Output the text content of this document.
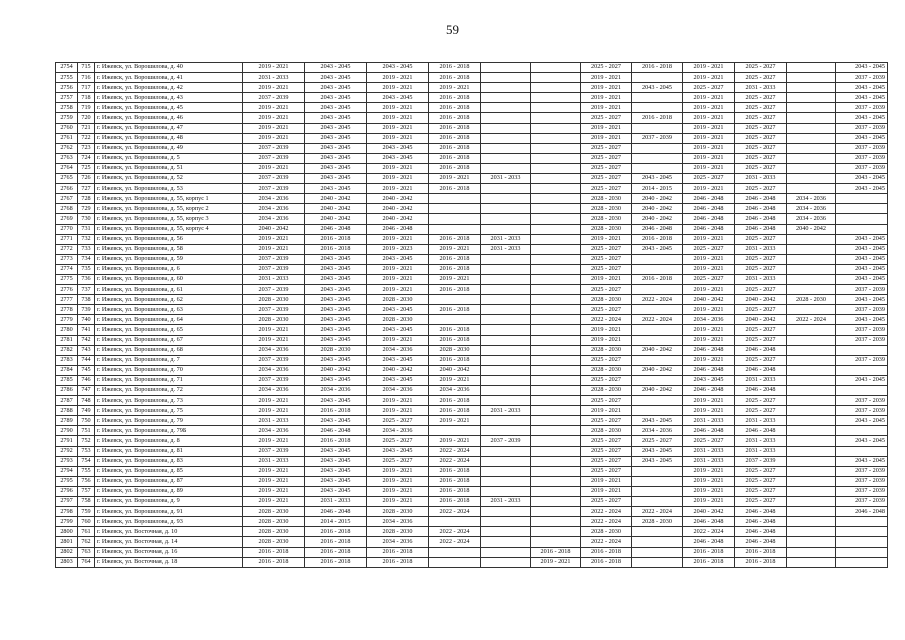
59
2754	715	г. Ижевск, ул. Ворошилова, д. 40	2019 - 2021	2043 - 2045	2043 - 2045	2016 - 2018			2025 - 2027	2016 - 2018	2019 - 2021	2025 - 2027		2043 - 2045
2755	716	г. Ижевск, ул. Ворошилова, д. 41	2031 - 2033	2043 - 2045	2019 - 2021	2016 - 2018			2019 - 2021		2019 - 2021	2025 - 2027		2037 - 2039
2756	717	г. Ижевск, ул. Ворошилова, д. 42	2019 - 2021	2043 - 2045	2019 - 2021	2019 - 2021			2019 - 2021	2043 - 2045	2025 - 2027	2031 - 2033		2043 - 2045
2757	718	г. Ижевск, ул. Ворошилова, д. 43	2037 - 2039	2043 - 2045	2043 - 2045	2016 - 2018			2019 - 2021		2019 - 2021	2025 - 2027		2043 - 2045
2758	719	г. Ижевск, ул. Ворошилова, д. 45	2019 - 2021	2043 - 2045	2019 - 2021	2016 - 2018			2019 - 2021		2019 - 2021	2025 - 2027		2037 - 2039
2759	720	г. Ижевск, ул. Ворошилова, д. 46	2019 - 2021	2043 - 2045	2019 - 2021	2016 - 2018			2025 - 2027	2016 - 2018	2019 - 2021	2025 - 2027		2043 - 2045
2760	721	г. Ижевск, ул. Ворошилова, д. 47	2019 - 2021	2043 - 2045	2019 - 2021	2016 - 2018			2019 - 2021		2019 - 2021	2025 - 2027		2037 - 2039
2761	722	г. Ижевск, ул. Ворошилова, д. 48	2019 - 2021	2043 - 2045	2019 - 2021	2016 - 2018			2019 - 2021	2037 - 2039	2019 - 2021	2025 - 2027		2043 - 2045
2762	723	г. Ижевск, ул. Ворошилова, д. 49	2037 - 2039	2043 - 2045	2043 - 2045	2016 - 2018			2025 - 2027		2019 - 2021	2025 - 2027		2037 - 2039
2763	724	г. Ижевск, ул. Ворошилова, д. 5	2037 - 2039	2043 - 2045	2043 - 2045	2016 - 2018			2025 - 2027		2019 - 2021	2025 - 2027		2037 - 2039
2764	725	г. Ижевск, ул. Ворошилова, д. 51	2019 - 2021	2043 - 2045	2019 - 2021	2016 - 2018			2025 - 2027		2019 - 2021	2025 - 2027		2037 - 2039
2765	726	г. Ижевск, ул. Ворошилова, д. 52	2037 - 2039	2043 - 2045	2019 - 2021	2019 - 2021	2031 - 2033		2025 - 2027	2043 - 2045	2025 - 2027	2031 - 2033		2043 - 2045
2766	727	г. Ижевск, ул. Ворошилова, д. 53	2037 - 2039	2043 - 2045	2019 - 2021	2016 - 2018			2025 - 2027	2014 - 2015	2019 - 2021	2025 - 2027		2043 - 2045
2767	728	г. Ижевск, ул. Ворошилова, д. 55, корпус 1	2034 - 2036	2040 - 2042	2040 - 2042				2028 - 2030	2040 - 2042	2046 - 2048	2046 - 2048	2034 - 2036	
2768	729	г. Ижевск, ул. Ворошилова, д. 55, корпус 2	2034 - 2036	2040 - 2042	2040 - 2042				2028 - 2030	2040 - 2042	2046 - 2048	2046 - 2048	2034 - 2036	
2769	730	г. Ижевск, ул. Ворошилова, д. 55, корпус 3	2034 - 2036	2040 - 2042	2040 - 2042				2028 - 2030	2040 - 2042	2046 - 2048	2046 - 2048	2034 - 2036	
2770	731	г. Ижевск, ул. Ворошилова, д. 55, корпус 4	2040 - 2042	2046 - 2048	2046 - 2048				2028 - 2030	2046 - 2048	2046 - 2048	2046 - 2048	2040 - 2042	
2771	732	г. Ижевск, ул. Ворошилова, д. 56	2019 - 2021	2016 - 2018	2019 - 2021	2016 - 2018	2031 - 2033		2019 - 2021	2016 - 2018	2019 - 2021	2025 - 2027		2043 - 2045
2772	733	г. Ижевск, ул. Ворошилова, д. 58	2019 - 2021	2016 - 2018	2019 - 2023	2019 - 2021	2031 - 2033		2025 - 2027	2043 - 2045	2025 - 2027	2031 - 2033		2043 - 2045
2773	734	г. Ижевск, ул. Ворошилова, д. 59	2037 - 2039	2043 - 2045	2043 - 2045	2016 - 2018			2025 - 2027		2019 - 2021	2025 - 2027		2043 - 2045
2774	735	г. Ижевск, ул. Ворошилова, д. 6	2037 - 2039	2043 - 2045	2019 - 2021	2016 - 2018			2025 - 2027		2019 - 2021	2025 - 2027		2043 - 2045
2775	736	г. Ижевск, ул. Ворошилова, д. 60	2031 - 2033	2043 - 2045	2019 - 2021	2019 - 2021			2019 - 2021	2016 - 2018	2025 - 2027	2031 - 2033		2043 - 2045
2776	737	г. Ижевск, ул. Ворошилова, д. 61	2037 - 2039	2043 - 2045	2019 - 2021	2016 - 2018			2025 - 2027		2019 - 2021	2025 - 2027		2037 - 2039
2777	738	г. Ижевск, ул. Ворошилова, д. 62	2028 - 2030	2043 - 2045	2028 - 2030				2028 - 2030	2022 - 2024	2040 - 2042	2040 - 2042	2028 - 2030	2043 - 2045
2778	739	г. Ижевск, ул. Ворошилова, д. 63	2037 - 2039	2043 - 2045	2043 - 2045	2016 - 2018			2025 - 2027		2019 - 2021	2025 - 2027		2037 - 2039
2779	740	г. Ижевск, ул. Ворошилова, д. 64	2028 - 2030	2043 - 2045	2028 - 2030				2022 - 2024	2022 - 2024	2034 - 2036	2040 - 2042	2022 - 2024	2043 - 2045
2780	741	г. Ижевск, ул. Ворошилова, д. 65	2019 - 2021	2043 - 2045	2043 - 2045	2016 - 2018			2019 - 2021		2019 - 2021	2025 - 2027		2037 - 2039
2781	742	г. Ижевск, ул. Ворошилова, д. 67	2019 - 2021	2043 - 2045	2019 - 2021	2016 - 2018			2019 - 2021		2019 - 2021	2025 - 2027		2037 - 2039
2782	743	г. Ижевск, ул. Ворошилова, д. 68	2034 - 2036	2028 - 2030	2034 - 2036	2028 - 2030			2028 - 2030	2040 - 2042	2046 - 2048	2046 - 2048		
2783	744	г. Ижевск, ул. Ворошилова, д. 7	2037 - 2039	2043 - 2045	2043 - 2045	2016 - 2018			2025 - 2027		2019 - 2021	2025 - 2027		2037 - 2039
2784	745	г. Ижевск, ул. Ворошилова, д. 70	2034 - 2036	2040 - 2042	2040 - 2042	2040 - 2042			2028 - 2030	2040 - 2042	2046 - 2048	2046 - 2048		
2785	746	г. Ижевск, ул. Ворошилова, д. 71	2037 - 2039	2043 - 2045	2043 - 2045	2019 - 2021			2025 - 2027		2043 - 2045	2031 - 2033		2043 - 2045
2786	747	г. Ижевск, ул. Ворошилова, д. 72	2034 - 2036	2034 - 2036	2034 - 2036	2034 - 2036			2028 - 2030	2040 - 2042	2046 - 2048	2046 - 2048		
2787	748	г. Ижевск, ул. Ворошилова, д. 73	2019 - 2021	2043 - 2045	2019 - 2021	2016 - 2018			2025 - 2027		2019 - 2021	2025 - 2027		2037 - 2039
2788	749	г. Ижевск, ул. Ворошилова, д. 75	2019 - 2021	2016 - 2018	2019 - 2021	2016 - 2018	2031 - 2033		2019 - 2021		2019 - 2021	2025 - 2027		2037 - 2039
2789	750	г. Ижевск, ул. Ворошилова, д. 79	2031 - 2033	2043 - 2045	2025 - 2027	2019 - 2021			2025 - 2027	2043 - 2045	2031 - 2033	2031 - 2033		2043 - 2045
2790	751	г. Ижевск, ул. Ворошилова, д. 79Б	2034 - 2036	2046 - 2048	2034 - 2036				2028 - 2030	2034 - 2036	2046 - 2048	2046 - 2048		
2791	752	г. Ижевск, ул. Ворошилова, д. 8	2019 - 2021	2016 - 2018	2025 - 2027	2019 - 2021	2037 - 2039		2025 - 2027	2025 - 2027	2025 - 2027	2031 - 2033		2043 - 2045
2792	753	г. Ижевск, ул. Ворошилова, д. 81	2037 - 2039	2043 - 2045	2043 - 2045	2022 - 2024			2025 - 2027	2043 - 2045	2031 - 2033	2031 - 2033		
2793	754	г. Ижевск, ул. Ворошилова, д. 83	2031 - 2033	2043 - 2045	2025 - 2027	2022 - 2024			2025 - 2027	2043 - 2045	2031 - 2033	2037 - 2039		2043 - 2045
2794	755	г. Ижевск, ул. Ворошилова, д. 85	2019 - 2021	2043 - 2045	2019 - 2021	2016 - 2018			2025 - 2027		2019 - 2021	2025 - 2027		2037 - 2039
2795	756	г. Ижевск, ул. Ворошилова, д. 87	2019 - 2021	2043 - 2045	2019 - 2021	2016 - 2018			2019 - 2021		2019 - 2021	2025 - 2027		2037 - 2039
2796	757	г. Ижевск, ул. Ворошилова, д. 89	2019 - 2021	2043 - 2045	2019 - 2021	2016 - 2018			2019 - 2021		2019 - 2021	2025 - 2027		2037 - 2039
2797	758	г. Ижевск, ул. Ворошилова, д. 9	2019 - 2021	2031 - 2033	2019 - 2021	2016 - 2018	2031 - 2033		2025 - 2027		2019 - 2021	2025 - 2027		2037 - 2039
2798	759	г. Ижевск, ул. Ворошилова, д. 91	2028 - 2030	2046 - 2048	2028 - 2030	2022 - 2024			2022 - 2024	2022 - 2024	2040 - 2042	2046 - 2048		2046 - 2048
2799	760	г. Ижевск, ул. Ворошилова, д. 93	2028 - 2030	2014 - 2015	2034 - 2036				2022 - 2024	2028 - 2030	2046 - 2048	2046 - 2048		
2800	761	г. Ижевск, ул. Восточная, д. 10	2028 - 2030	2016 - 2018	2028 - 2030	2022 - 2024			2028 - 2030		2022 - 2024	2046 - 2048		
2801	762	г. Ижевск, ул. Восточная, д. 14	2028 - 2030	2016 - 2018	2034 - 2036	2022 - 2024			2022 - 2024		2046 - 2048	2046 - 2048		
2802	763	г. Ижевск, ул. Восточная, д. 16	2016 - 2018	2016 - 2018	2016 - 2018			2016 - 2018	2016 - 2018		2016 - 2018	2016 - 2018		
2803	764	г. Ижевск, ул. Восточная, д. 18	2016 - 2018	2016 - 2018	2016 - 2018			2019 - 2021	2016 - 2018		2016 - 2018	2016 - 2018		
